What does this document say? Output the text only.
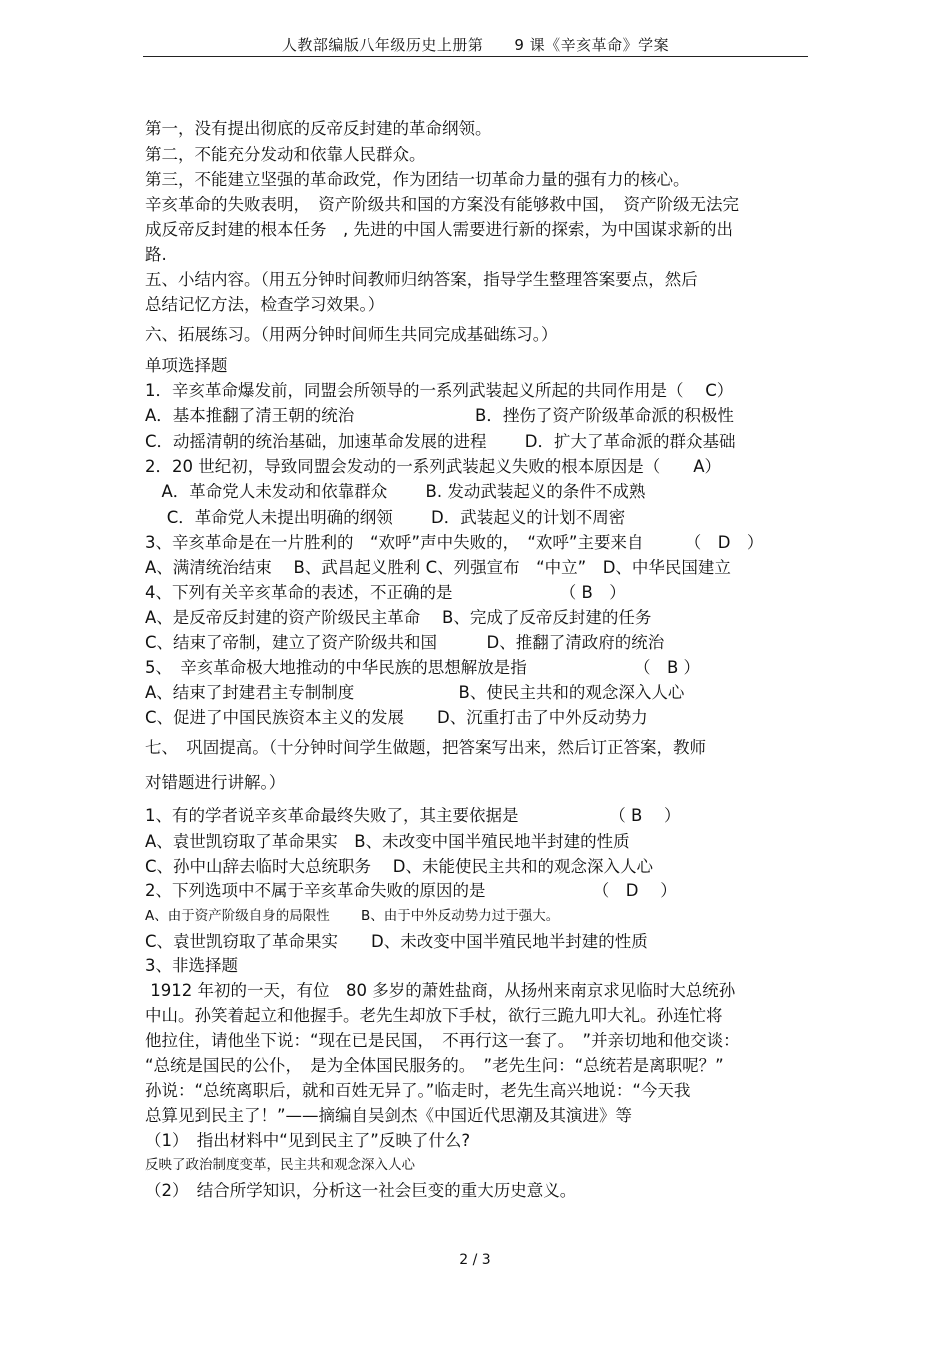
人教部编版八年级历史上册第　　9 课《辛亥革命》学案
第一，没有提出彻底的反帝反封建的革命纲领。
第二，不能充分发动和依靠人民群众。
第三，不能建立坚强的革命政党，作为团结一切革命力量的强有力的核心。
辛亥革命的失败表明，　资产阶级共和国的方案没有能够救中国，　资产阶级无法完
成反帝反封建的根本任务　, 先进的中国人需要进行新的探索，为中国谋求新的出
路.
五、小结内容。（用五分钟时间教师归纳答案，指导学生整理答案要点，然后
总结记忆方法，检查学习效果。）
六、拓展练习。（用两分钟时间师生共同完成基础练习。）
单项选择题
1．辛亥革命爆发前，同盟会所领导的一系列武装起义所起的共同作用是（　 C）
A．基本推翻了清王朝的统治　　　　　　　 B．挫伤了资产阶级革命派的积极性
C．动摇清朝的统治基础，加速革命发展的进程　　 D．扩大了革命派的群众基础
2．20 世纪初，导致同盟会发动的一系列武装起义失败的根本原因是（　　A）
　A．革命党人未发动和依靠群众　　 B. 发动武装起义的条件不成熟
　 C．革命党人未提出明确的纲领　　 D．武装起义的计划不周密
3、辛亥革命是在一片胜利的　“欢呼”声中失败的，　“欢呼”主要来自　　　（　D　）
A、满清统治结束　 B、武昌起义胜利 C、列强宣布　“中立”　D、中华民国建立
4、下列有关辛亥革命的表述，不正确的是　　　　　　　（ B　）
A、是反帝反封建的资产阶级民主革命　 B、完成了反帝反封建的任务
C、结束了帝制，建立了资产阶级共和国　　　D、推翻了清政府的统治
5、　辛亥革命极大地推动的中华民族的思想解放是指　　　　　　　（　B ）
A、结束了封建君主专制制度　　　　　　 B、使民主共和的观念深入人心
C、促进了中国民族资本主义的发展　　D、沉重打击了中外反动势力
七、　巩固提高。（十分钟时间学生做题，把答案写出来，然后订正答案，教师
对错题进行讲解。）
1、有的学者说辛亥革命最终失败了，其主要依据是　　　　　　（ B　 ）
A、袁世凯窃取了革命果实　B、未改变中国半殖民地半封建的性质
C、孙中山辞去临时大总统职务　 D、未能使民主共和的观念深入人心
2、下列选项中不属于辛亥革命失败的原因的是　　　　　　　（　D　 ）
A、由于资产阶级自身的局限性　　 B、由于中外反动势力过于强大。
C、袁世凯窃取了革命果实　　D、未改变中国半殖民地半封建的性质
3、非选择题
1912 年初的一天，有位　80 多岁的萧姓盐商，从扬州来南京求见临时大总统孙
中山。孙笑着起立和他握手。老先生却放下手杖，欲行三跪九叩大礼。孙连忙将
他拉住，请他坐下说：“现在已是民国，　不再行这一套了。　”并亲切地和他交谈：
“总统是国民的公仆，　是为全体国民服务的。　”老先生问：“总统若是离职呢？”
孙说：“总统离职后，就和百姓无异了。”临走时，老先生高兴地说：“今天我
总算见到民主了！”——摘编自吴剑杰《中国近代思潮及其演进》等
（1）　指出材料中“见到民主了”反映了什么?
反映了政治制度变革，民主共和观念深入人心
（2）　结合所学知识，分析这一社会巨变的重大历史意义。
2 / 3
